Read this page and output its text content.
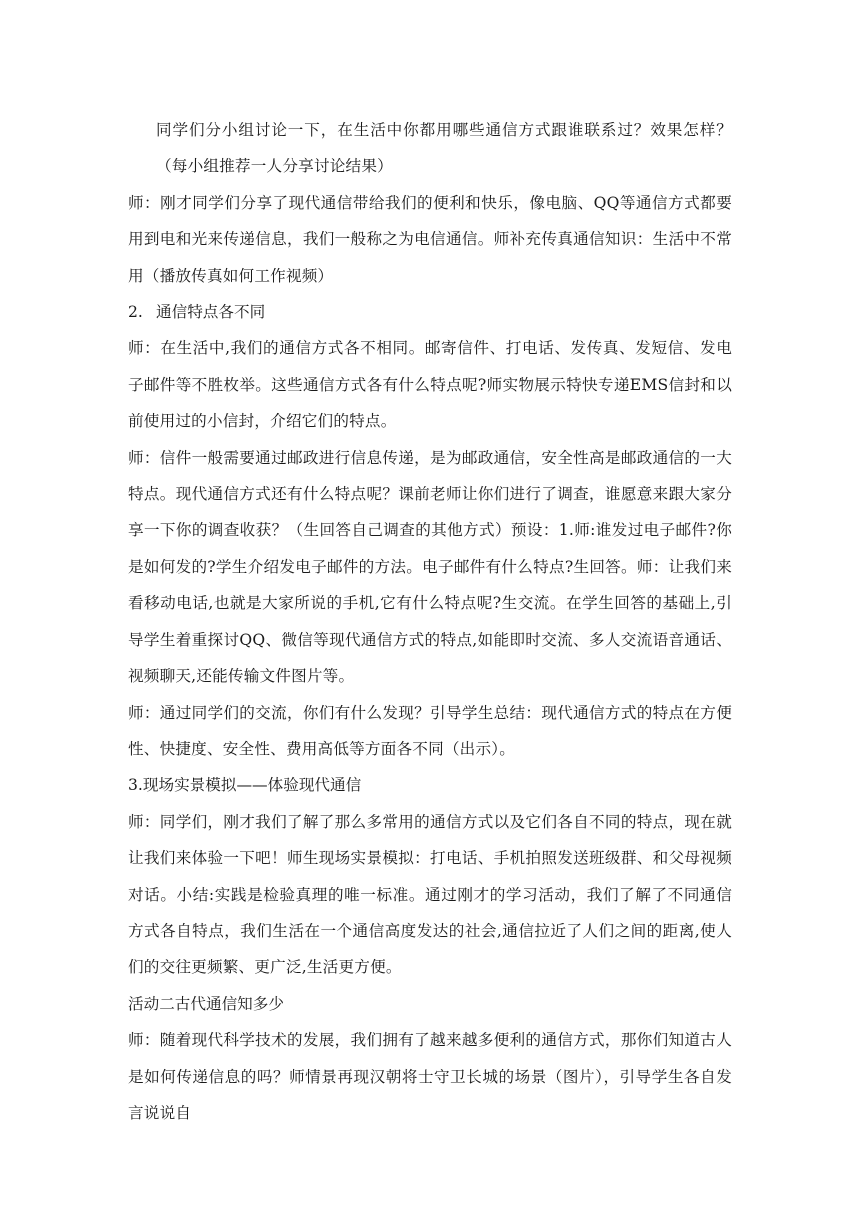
同学们分小组讨论一下，在生活中你都用哪些通信方式跟谁联系过？效果怎样？（每小组推荐一人分享讨论结果）

师：刚才同学们分享了现代通信带给我们的便利和快乐，像电脑、QQ等通信方式都要用到电和光来传递信息，我们一般称之为电信通信。师补充传真通信知识：生活中不常用（播放传真如何工作视频）

2. 通信特点各不同

师：在生活中,我们的通信方式各不相同。邮寄信件、打电话、发传真、发短信、发电子邮件等不胜枚举。这些通信方式各有什么特点呢?师实物展示特快专递EMS信封和以前使用过的小信封，介绍它们的特点。

师：信件一般需要通过邮政进行信息传递，是为邮政通信，安全性高是邮政通信的一大特点。现代通信方式还有什么特点呢？课前老师让你们进行了调查，谁愿意来跟大家分享一下你的调查收获？（生回答自己调查的其他方式）预设：1.师:谁发过电子邮件?你是如何发的?学生介绍发电子邮件的方法。电子邮件有什么特点?生回答。师：让我们来看移动电话,也就是大家所说的手机,它有什么特点呢?生交流。在学生回答的基础上,引导学生着重探讨QQ、微信等现代通信方式的特点,如能即时交流、多人交流语音通话、视频聊天,还能传输文件图片等。

师：通过同学们的交流，你们有什么发现？引导学生总结：现代通信方式的特点在方便性、快捷度、安全性、费用高低等方面各不同（出示）。

3.现场实景模拟——体验现代通信

师：同学们，刚才我们了解了那么多常用的通信方式以及它们各自不同的特点，现在就让我们来体验一下吧！师生现场实景模拟：打电话、手机拍照发送班级群、和父母视频对话。小结:实践是检验真理的唯一标准。通过刚才的学习活动，我们了解了不同通信方式各自特点，我们生活在一个通信高度发达的社会,通信拉近了人们之间的距离,使人们的交往更频繁、更广泛,生活更方便。

活动二古代通信知多少

师：随着现代科学技术的发展，我们拥有了越来越多便利的通信方式，那你们知道古人是如何传递信息的吗？师情景再现汉朝将士守卫长城的场景（图片），引导学生各自发言说说自
